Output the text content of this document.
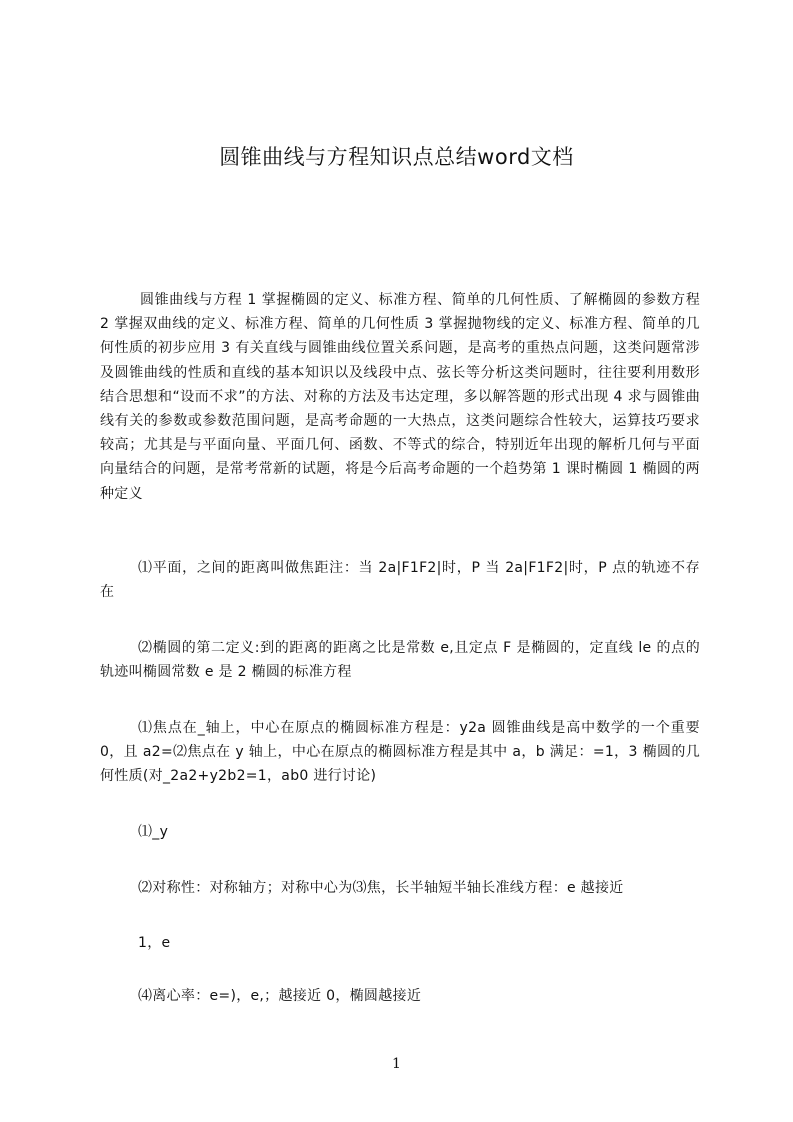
圆锥曲线与方程知识点总结word文档

圆锥曲线与方程 1 掌握椭圆的定义、标准方程、简单的几何性质、了解椭圆的参数方程 2 掌握双曲线的定义、标准方程、简单的几何性质 3 掌握抛物线的定义、标准方程、简单的几何性质的初步应用 3 有关直线与圆锥曲线位置关系问题，是高考的重热点问题，这类问题常涉及圆锥曲线的性质和直线的基本知识以及线段中点、弦长等分析这类问题时，往往要利用数形结合思想和“设而不求”的方法、对称的方法及韦达定理，多以解答题的形式出现 4 求与圆锥曲线有关的参数或参数范围问题，是高考命题的一大热点，这类问题综合性较大，运算技巧要求较高；尤其是与平面向量、平面几何、函数、不等式的综合，特别近年出现的解析几何与平面向量结合的问题，是常考常新的试题，将是今后高考命题的一个趋势第 1 课时椭圆 1 椭圆的两种定义

⑴平面，之间的距离叫做焦距注：当 2a|F1F2|时，P 当 2a|F1F2|时，P 点的轨迹不存在

⑵椭圆的第二定义:到的距离的距离之比是常数 e,且定点 F 是椭圆的，定直线 le 的点的轨迹叫椭圆常数 e 是 2 椭圆的标准方程

⑴焦点在_轴上，中心在原点的椭圆标准方程是：y2a 圆锥曲线是高中数学的一个重要 0，且 a2=⑵焦点在 y 轴上，中心在原点的椭圆标准方程是其中 a，b 满足：=1，3 椭圆的几何性质(对_2a2+y2b2=1，ab0 进行讨论)

⑴_y

⑵对称性：对称轴方；对称中心为⑶焦，长半轴短半轴长准线方程：e 越接近

1，e

⑷离心率：e=)，e,；越接近 0，椭圆越接近

1
